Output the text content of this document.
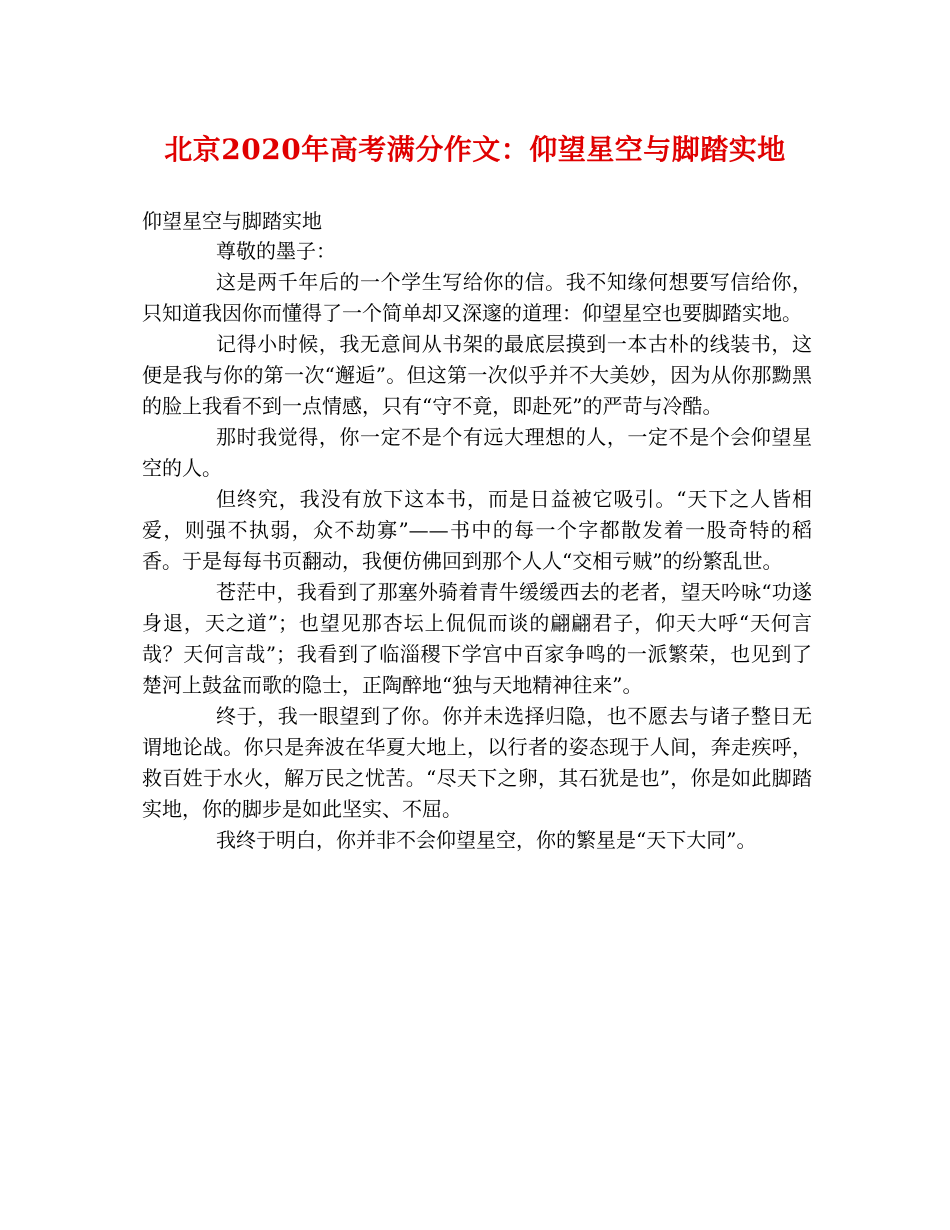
北京2020年高考满分作文：仰望星空与脚踏实地
仰望星空与脚踏实地

尊敬的墨子：

这是两千年后的一个学生写给你的信。我不知缘何想要写信给你，只知道我因你而懂得了一个简单却又深邃的道理：仰望星空也要脚踏实地。

记得小时候，我无意间从书架的最底层摸到一本古朴的线装书，这便是我与你的第一次“邂逅”。但这第一次似乎并不大美妙，因为从你那黝黑的脸上我看不到一点情感，只有“守不竟，即赴死”的严苛与冷酷。

那时我觉得，你一定不是个有远大理想的人，一定不是个会仰望星空的人。

但终究，我没有放下这本书，而是日益被它吸引。“天下之人皆相爱，则强不执弱，众不劫寡”——书中的每一个字都散发着一股奇特的稻香。于是每每书页翻动，我便仿佛回到那个人人“交相亏贼”的纷繁乱世。

苍茫中，我看到了那塞外骑着青牛缓缓西去的老者，望天吟咏“功遂身退，天之道”；也望见那杏坛上侃侃而谈的翩翩君子，仰天大呼“天何言哉？天何言哉”；我看到了临淄稷下学宫中百家争鸣的一派繁荣，也见到了楚河上鼓盆而歌的隐士，正陶醉地“独与天地精神往来”。

终于，我一眼望到了你。你并未选择归隐，也不愿去与诸子整日无谓地论战。你只是奔波在华夏大地上，以行者的姿态现于人间，奔走疾呼，救百姓于水火，解万民之忧苦。“尽天下之卵，其石犹是也”，你是如此脚踏实地，你的脚步是如此坚实、不屈。

我终于明白，你并非不会仰望星空，你的繁星是“天下大同”。
